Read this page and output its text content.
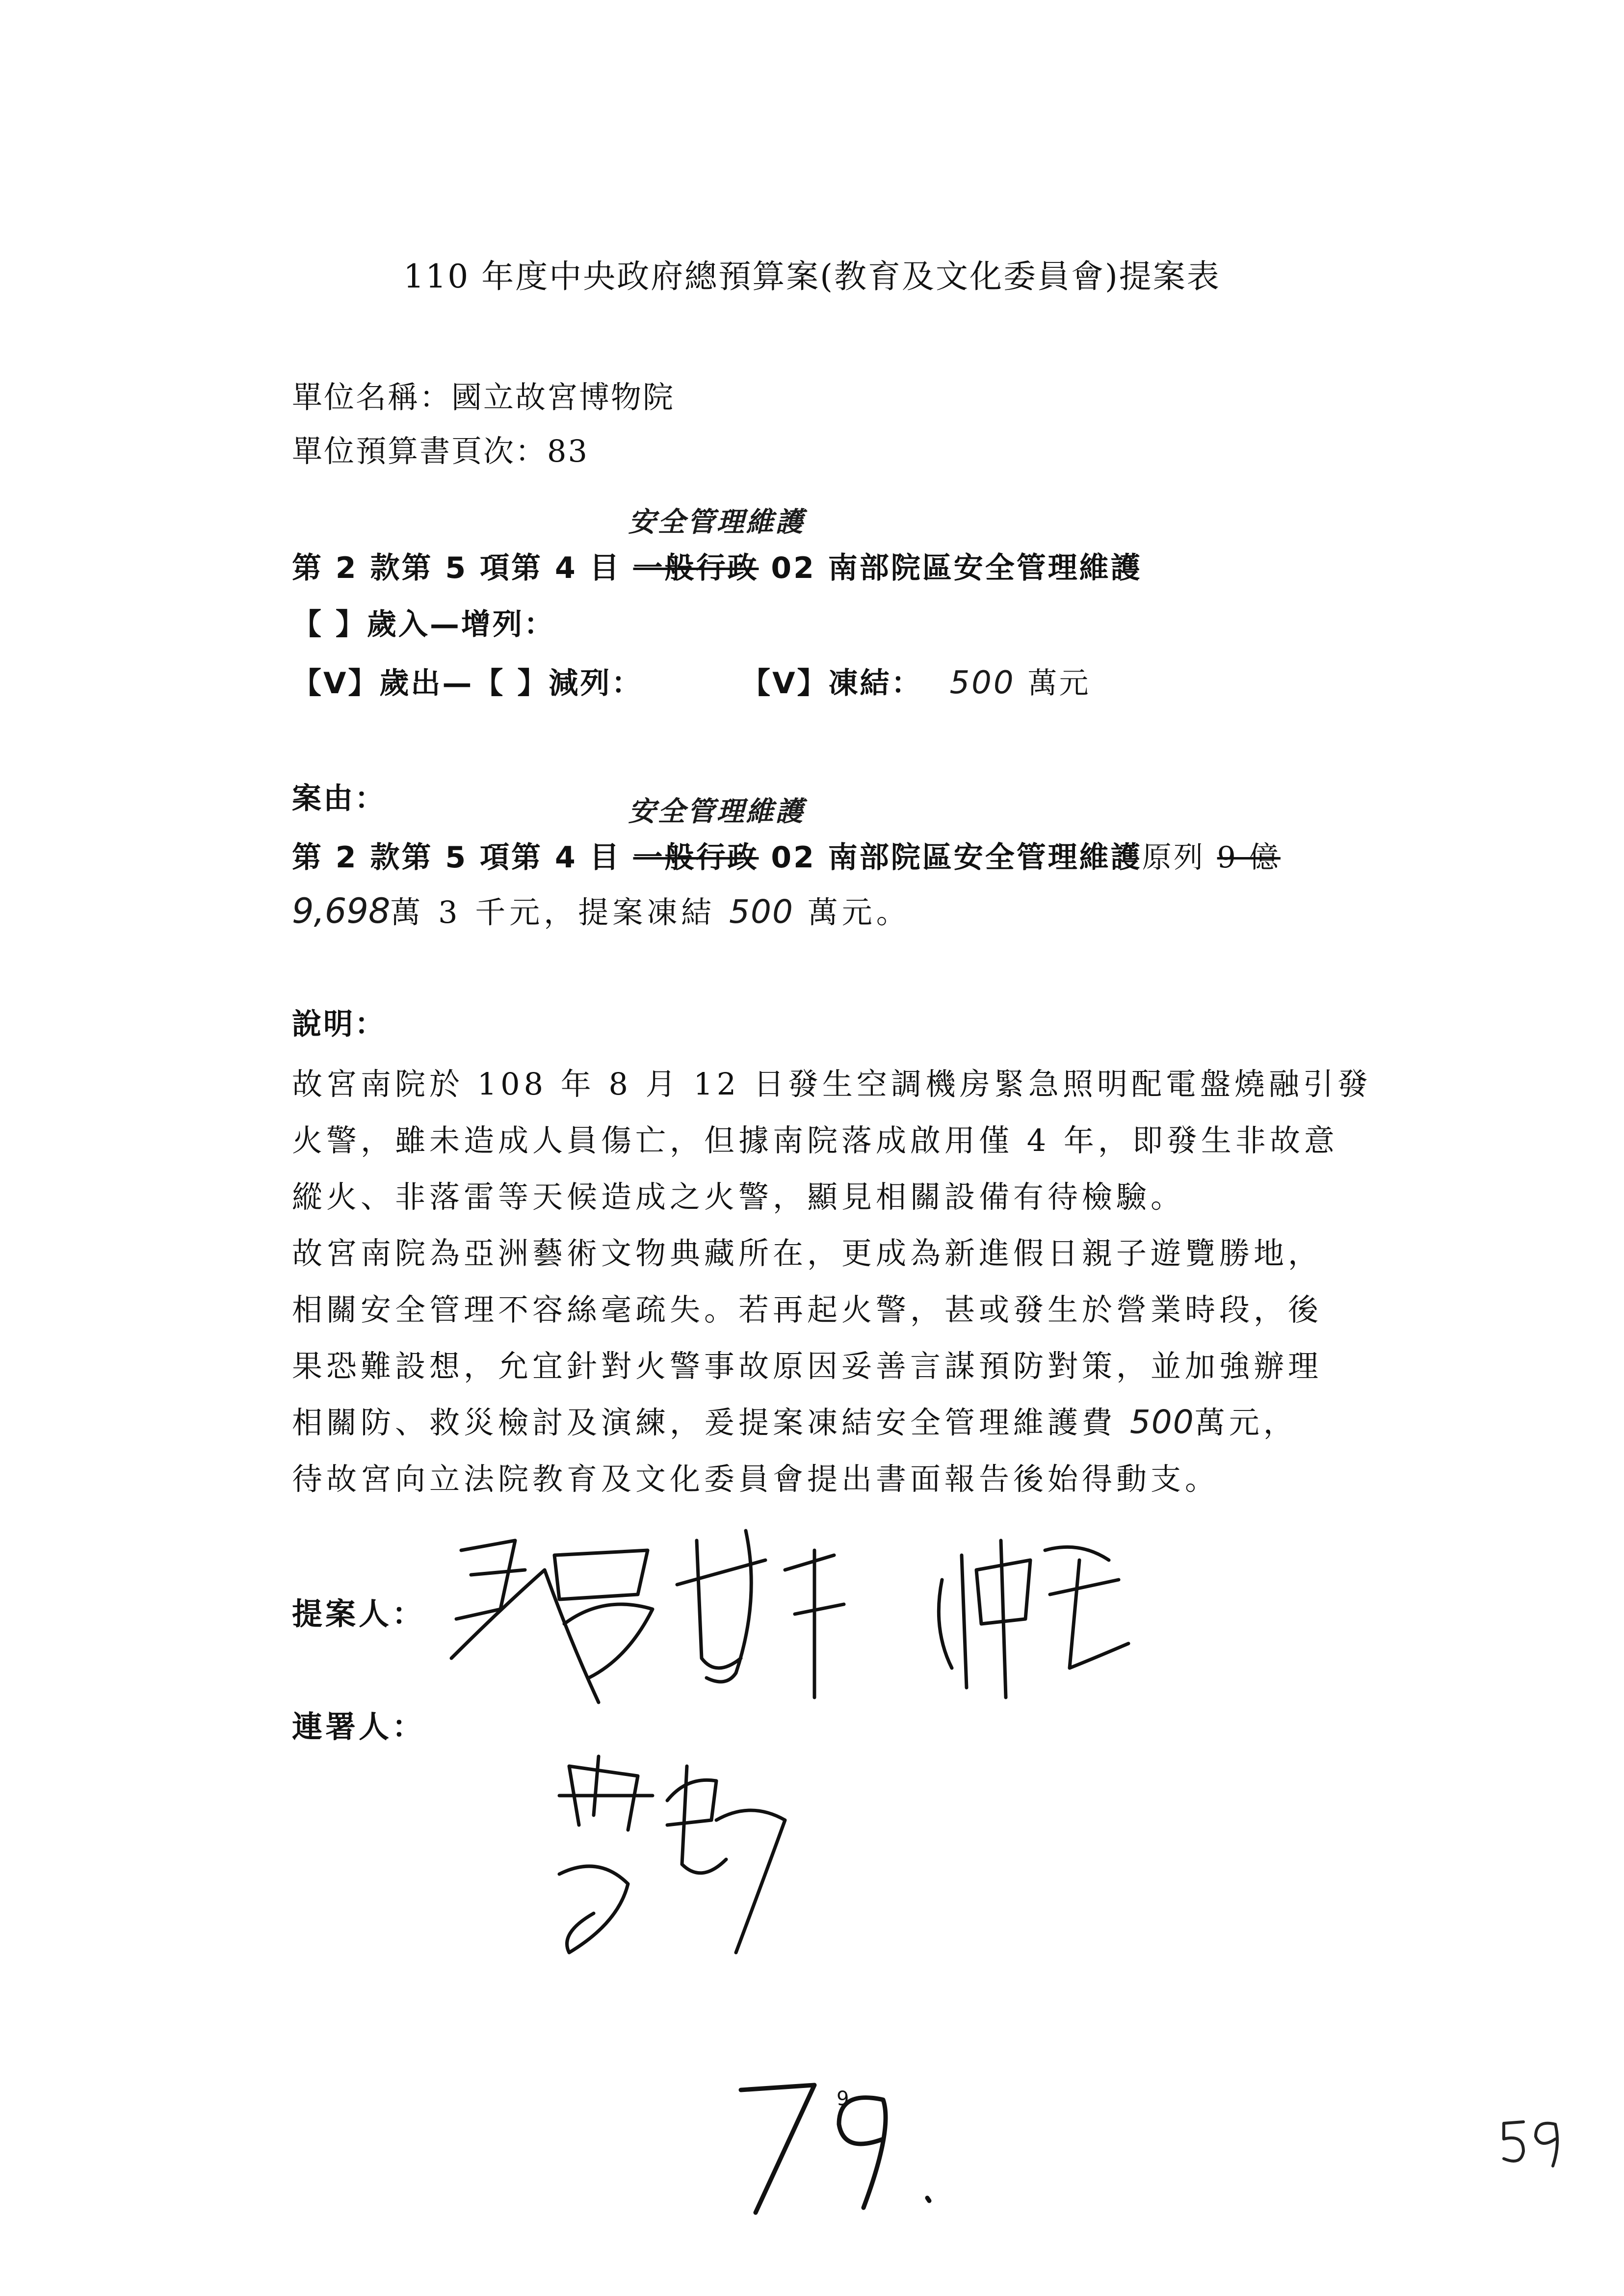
110 年度中央政府總預算案(教育及文化委員會)提案表
單位名稱：國立故宮博物院
單位預算書頁次：83
第 2 款第 5 項第 4 目 一般行政
安全管理維護
02 南部院區安全管理維護
【 】歲入—增列：
【V】歲出—【 】減列：	【V】凍結： 500 萬元
案由：
第 2 款第 5 項第 4 目 一般行政
安全管理維護
02 南部院區安全管理維護原列 9 億
9,698萬 3 千元，提案凍結 500 萬元。
說明：
故宮南院於 108 年 8 月 12 日發生空調機房緊急照明配電盤燒融引發
火警，雖未造成人員傷亡，但據南院落成啟用僅 4 年，即發生非故意
縱火、非落雷等天候造成之火警，顯見相關設備有待檢驗。
故宮南院為亞洲藝術文物典藏所在，更成為新進假日親子遊覽勝地，
相關安全管理不容絲毫疏失。若再起火警，甚或發生於營業時段，後
果恐難設想，允宜針對火警事故原因妥善言謀預防對策，並加強辦理
相關防、救災檢討及演練，爰提案凍結安全管理維護費 500萬元，
待故宮向立法院教育及文化委員會提出書面報告後始得動支。
提案人：
連署人：
9
